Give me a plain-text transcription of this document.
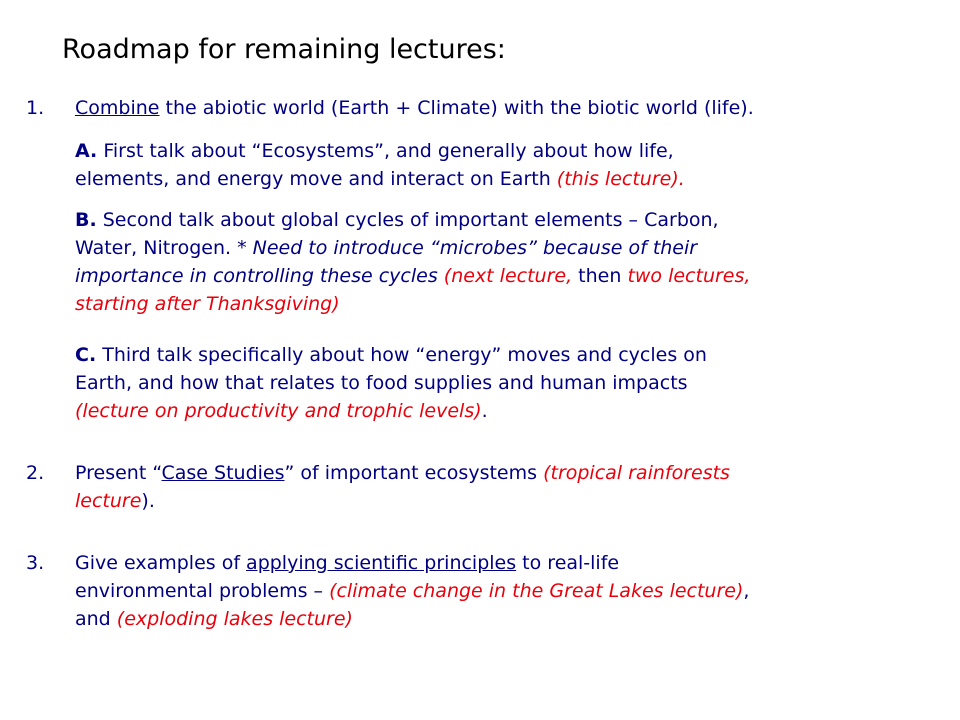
Roadmap for remaining lectures:
1. Combine the abiotic world (Earth + Climate) with the biotic world (life).
A. First talk about “Ecosystems”, and generally about how life,
elements, and energy move and interact on Earth (this lecture).
B. Second talk about global cycles of important elements – Carbon,
Water, Nitrogen. * Need to introduce “microbes” because of their
importance in controlling these cycles (next lecture, then two lectures,
starting after Thanksgiving)
C. Third talk specifically about how “energy” moves and cycles on
Earth, and how that relates to food supplies and human impacts
(lecture on productivity and trophic levels).
2. Present “Case Studies” of important ecosystems (tropical rainforests
lecture).
3. Give examples of applying scientific principles to real-life
environmental problems – (climate change in the Great Lakes lecture),
and (exploding lakes lecture)
